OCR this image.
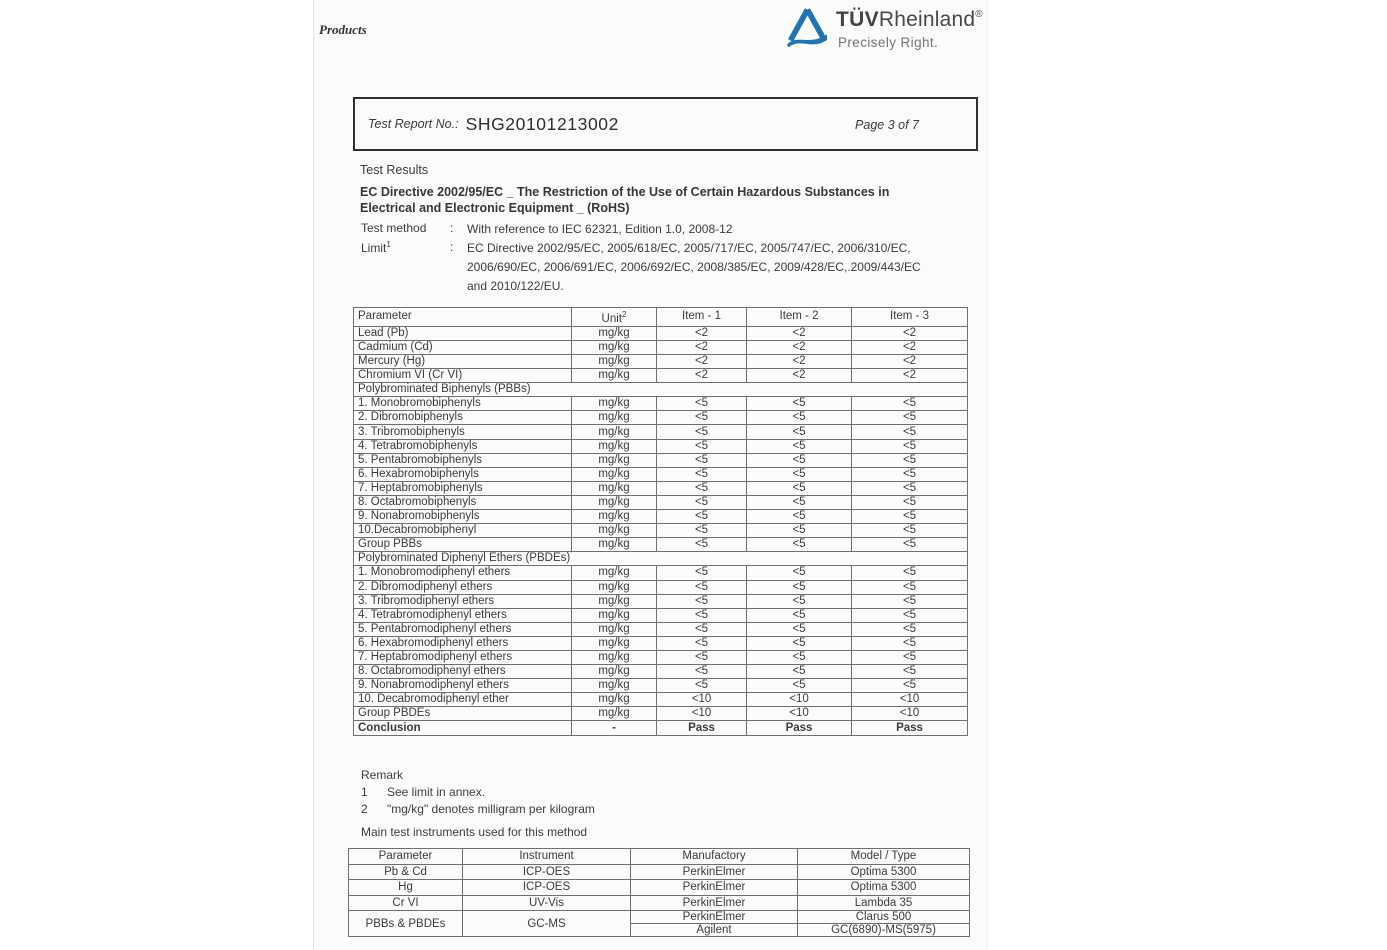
Products	TÜVRheinland®
Precisely Right.
Test Report No.: SHG20101213002	Page 3 of 7
Test Results
EC Directive 2002/95/EC _ The Restriction of the Use of Certain Hazardous Substances in
Electrical and Electronic Equipment _ (RoHS)
Test method : With reference to IEC 62321, Edition 1.0, 2008-12
Limit$^1$	: EC Directive 2002/95/EC, 2005/618/EC, 2005/717/EC, 2005/747/EC, 2006/310/EC,
2006/690/EC, 2006/691/EC, 2006/692/EC, 2008/385/EC, 2009/428/EC,.2009/443/EC
and 2010/122/EU.
Parameter	Unit$^2$	Item - 1	Item - 2	Item - 3
Lead (Pb)	mg/kg	<2	<2	<2
Cadmium (Cd)	mg/kg	<2	<2	<2
Mercury (Hg)	mg/kg	<2	<2	<2
Chromium VI (Cr VI)	mg/kg	<2	<2	<2
Polybrominated Biphenyls (PBBs)				
1. Monobromobiphenyls	mg/kg	<5	<5	<5
2. Dibromobiphenyls	mg/kg	<5	<5	<5
3. Tribromobiphenyls	mg/kg	<5	<5	<5
4. Tetrabromobiphenyls	mg/kg	<5	<5	<5
5. Pentabromobiphenyls	mg/kg	<5	<5	<5
6. Hexabromobiphenyls	mg/kg	<5	<5	<5
7. Heptabromobiphenyls	mg/kg	<5	<5	<5
8. Octabromobiphenyls	mg/kg	<5	<5	<5
9. Nonabromobiphenyls	mg/kg	<5	<5	<5
10.Decabromobiphenyl	mg/kg	<5	<5	<5
Group PBBs	mg/kg	<5	<5	<5
Polybrominated Diphenyl Ethers (PBDEs)				
1. Monobromodiphenyl ethers	mg/kg	<5	<5	<5
2. Dibromodiphenyl ethers	mg/kg	<5	<5	<5
3. Tribromodiphenyl ethers	mg/kg	<5	<5	<5
4. Tetrabromodiphenyl ethers	mg/kg	<5	<5	<5
5. Pentabromodiphenyl ethers	mg/kg	<5	<5	<5
6. Hexabromodiphenyl ethers	mg/kg	<5	<5	<5
7. Heptabromodiphenyl ethers	mg/kg	<5	<5	<5
8. Octabromodiphenyl ethers	mg/kg	<5	<5	<5
9. Nonabromodiphenyl ethers	mg/kg	<5	<5	<5
10. Decabromodiphenyl ether	mg/kg	<10	<10	<10
Group PBDEs	mg/kg	<10	<10	<10
Conclusion	-	Pass	Pass	Pass
Remark
1	See limit in annex.
2	"mg/kg" denotes milligram per kilogram
Main test instruments used for this method
Parameter	Instrument	Manufactory	Model / Type
Pb & Cd	ICP-OES	PerkinElmer	Optima 5300
Hg	ICP-OES	PerkinElmer	Optima 5300
Cr VI	UV-Vis	PerkinElmer	Lambda 35
PBBs & PBDEs	GC-MS	PerkinElmer	Clarus 500
		Agilent	GC(6890)-MS(5975)
